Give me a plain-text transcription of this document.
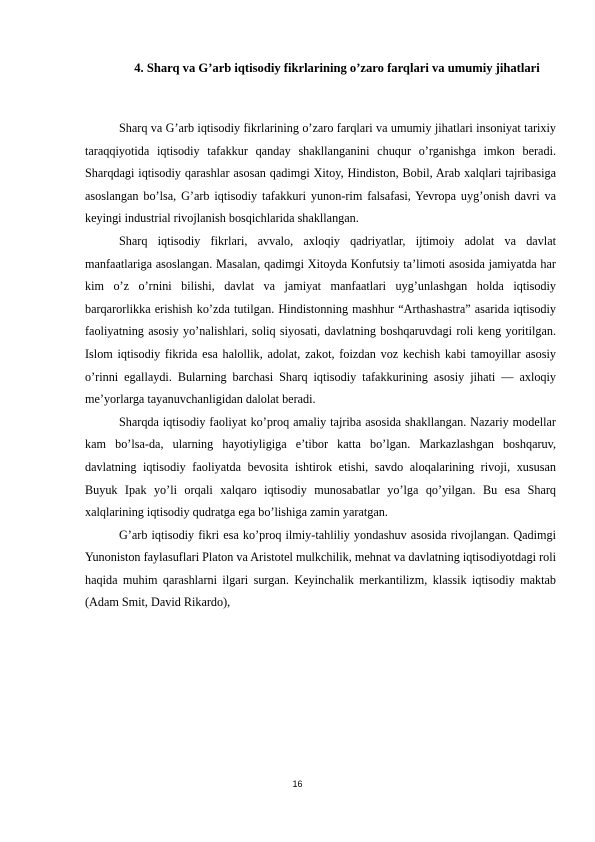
4. Sharq va G’arb iqtisodiy fikrlarining o’zaro farqlari va umumiy jihatlari

Sharq va G’arb iqtisodiy fikrlarining o’zaro farqlari va umumiy jihatlari insoniyat tarixiy taraqqiyotida iqtisodiy tafakkur qanday shakllanganini chuqur o’rganishga imkon beradi. Sharqdagi iqtisodiy qarashlar asosan qadimgi Xitoy, Hindiston, Bobil, Arab xalqlari tajribasiga asoslangan bo’lsa, G’arb iqtisodiy tafakkuri yunon-rim falsafasi, Yevropa uyg’onish davri va keyingi industrial rivojlanish bosqichlarida shakllangan.

Sharq iqtisodiy fikrlari, avvalo, axloqiy qadriyatlar, ijtimoiy adolat va davlat manfaatlariga asoslangan. Masalan, qadimgi Xitoyda Konfutsiy ta’limoti asosida jamiyatda har kim o’z o’rnini bilishi, davlat va jamiyat manfaatlari uyg’unlashgan holda iqtisodiy barqarorlikka erishish ko’zda tutilgan. Hindistonning mashhur “Arthashastra” asarida iqtisodiy faoliyatning asosiy yo’nalishlari, soliq siyosati, davlatning boshqaruvdagi roli keng yoritilgan. Islom iqtisodiy fikrida esa halollik, adolat, zakot, foizdan voz kechish kabi tamoyillar asosiy o’rinni egallaydi. Bularning barchasi Sharq iqtisodiy tafakkurining asosiy jihati — axloqiy me’yorlarga tayanuvchanligidan dalolat beradi.

Sharqda iqtisodiy faoliyat ko’proq amaliy tajriba asosida shakllangan. Nazariy modellar kam bo’lsa-da, ularning hayotiyligiga e’tibor katta bo’lgan. Markazlashgan boshqaruv, davlatning iqtisodiy faoliyatda bevosita ishtirok etishi, savdo aloqalarining rivoji, xususan Buyuk Ipak yo’li orqali xalqaro iqtisodiy munosabatlar yo’lga qo’yilgan. Bu esa Sharq xalqlarining iqtisodiy qudratga ega bo’lishiga zamin yaratgan.

G’arb iqtisodiy fikri esa ko’proq ilmiy-tahliliy yondashuv asosida rivojlangan. Qadimgi Yunoniston faylasuflari Platon va Aristotel mulkchilik, mehnat va davlatning iqtisodiyotdagi roli haqida muhim qarashlarni ilgari surgan. Keyinchalik merkantilizm, klassik iqtisodiy maktab (Adam Smit, David Rikardo),

16
